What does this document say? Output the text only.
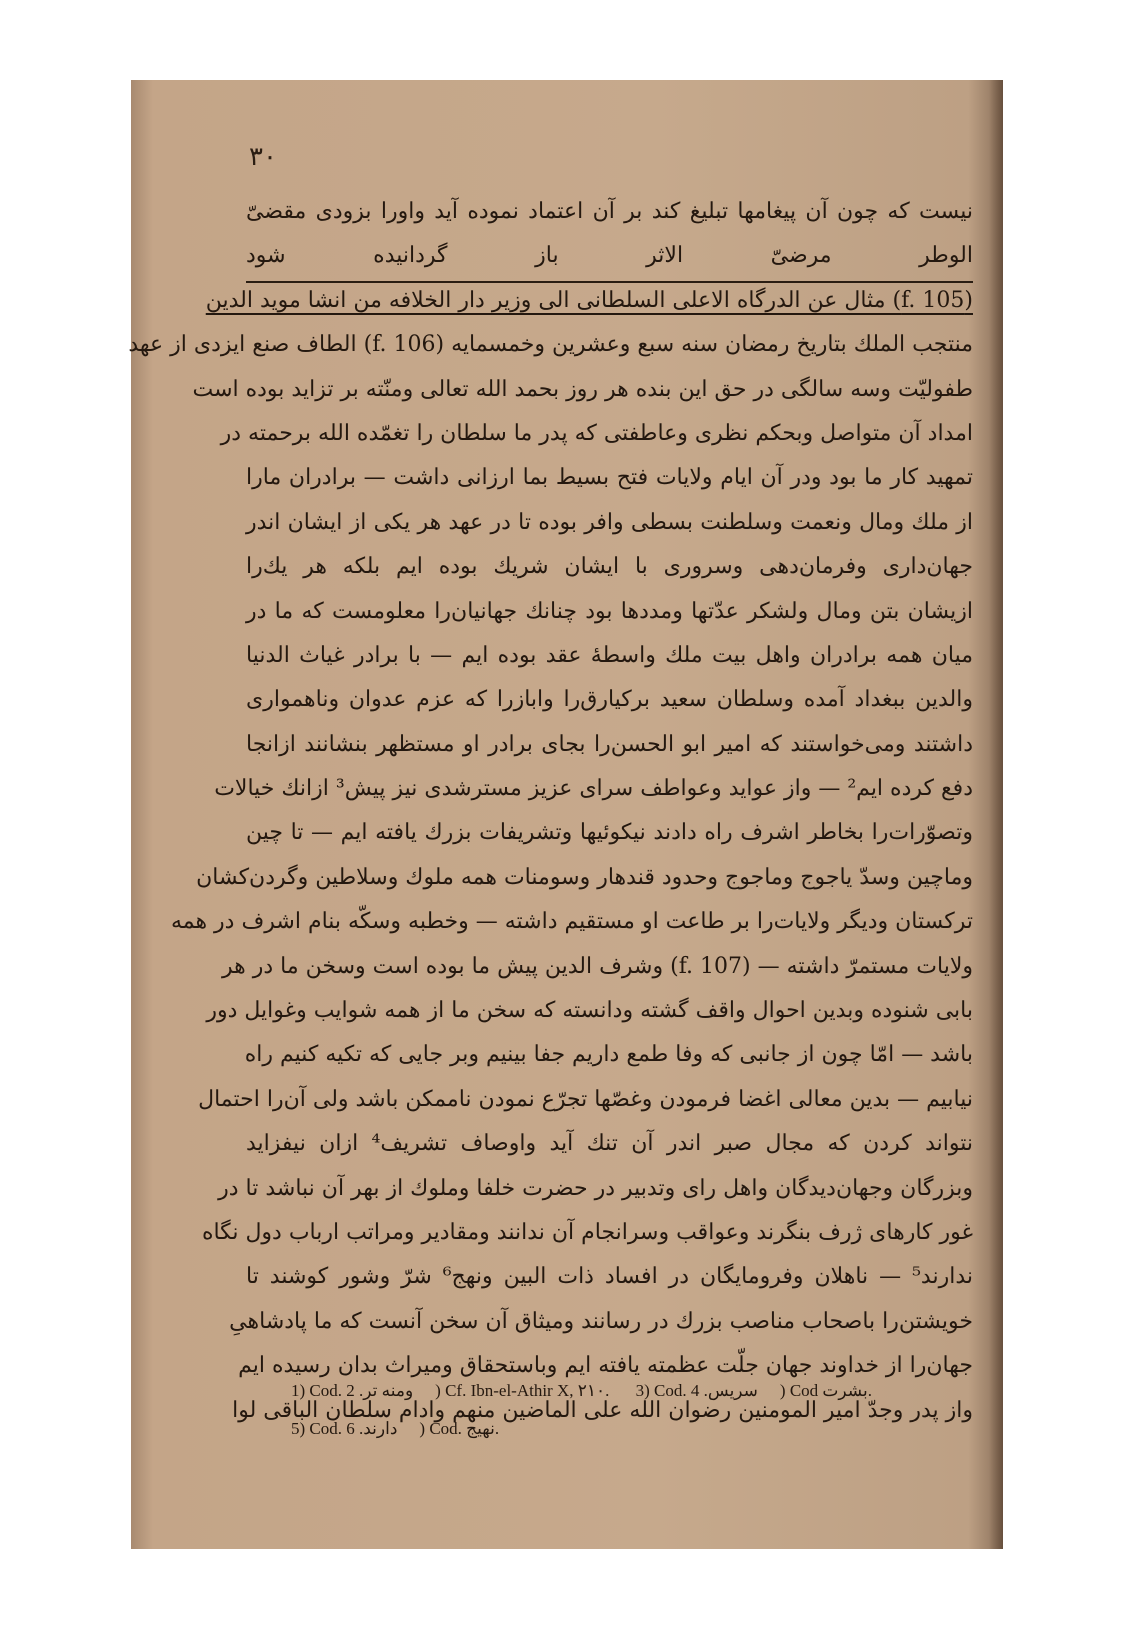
۳۰
نیست که چون آن پیغامها تبلیغ کند بر آن اعتماد نموده آید واورا بزودی مقضیّ
الوطر مرضیّ الاثر باز گردانیده شود
(f. 105) مثال عن الدرگاه الاعلی السلطانی الی وزیر دار الخلافه من انشا موید الدین
منتجب الملك بتاریخ رمضان سنه سبع وعشرین وخمسمایه (f. 106) الطاف صنع ایزدی از عهد
طفولیّت وسه سالگی در حق این بنده هر روز بحمد الله تعالی ومنّته بر تزاید بوده است
امداد آن متواصل وبحکم نظری وعاطفتی که پدر ما سلطان را تغمّده الله برحمته در
تمهید کار ما بود ودر آن ایام ولایات فتح بسیط بما ارزانی داشت — برادران مارا
از ملك ومال ونعمت وسلطنت بسطی وافر بوده تا در عهد هر یکی از ایشان اندر
جهان‌داری وفرمان‌دهی وسروری با ایشان شریك بوده ایم بلکه هر یك‌را
ازیشان بتن ومال ولشکر عدّتها ومددها بود چنانك جهانیان‌را معلومست که ما در
میان همه برادران واهل بیت ملك واسطهٔ عقد بوده ایم — با برادر غیاث الدنیا
والدین ببغداد آمده وسلطان سعید برکیارق‌را وابازرا که عزم عدوان وناهمواری
داشتند ومی‌خواستند که امیر ابو الحسن‌را بجای برادر او مستظهر بنشانند ازانجا
دفع کرده ایم² — واز عواید وعواطف سرای عزیز مسترشدی نیز پیش³ ازانك خیالات
وتصوّرات‌را بخاطر اشرف راه دادند نیکوئیها وتشریفات بزرك یافته ایم — تا چین
وماچین وسدّ یاجوج وماجوج وحدود قندهار وسومنات همه ملوك وسلاطین وگردن‌کشان
ترکستان ودیگر ولایات‌را بر طاعت او مستقیم داشته — وخطبه وسکّه بنام اشرف در همه
ولایات مستمرّ داشته — (f. 107) وشرف الدین پیش ما بوده است وسخن ما در هر
بابی شنوده وبدین احوال واقف گشته ودانسته که سخن ما از همه شوایب وغوایل دور
باشد — امّا چون از جانبی که وفا طمع داریم جفا بینیم وبر جایی که تکیه کنیم راه
نیابیم — بدین معالی اغضا فرمودن وغصّها تجرّع نمودن ناممکن باشد ولی آن‌را احتمال
نتواند کردن که مجال صبر اندر آن تنك آید واوصاف تشریف⁴ ازان نیفزاید
وبزرگان وجهان‌دیدگان واهل رای وتدبیر در حضرت خلفا وملوك از بهر آن نباشد تا در
غور کارهای ژرف بنگرند وعواقب وسرانجام آن ندانند ومقادیر ومراتب ارباب دول نگاه
ندارند⁵ — ناهلان وفرومایگان در افساد ذات البین ونهج⁶ شرّ وشور کوشند تا
خویشتن‌را باصحاب مناصب بزرك در رسانند ومیثاق آن سخن آنست که ما پادشاهیِ
جهان‌را از خداوند جهان جلّت عظمته یافته ایم وباستحقاق ومیراث بدان رسیده ایم
واز پدر وجدّ امیر المومنین رضوان الله علی الماضین منهم وادام سلطان الباقی لوا
1) Cod. ومنه تر. 2) Cf. Ibn-el-Athir X, ۲۱۰. 3) Cod. سریس. 4) Cod بشرت.
5) Cod. دارند. 6) Cod. نهیج.
